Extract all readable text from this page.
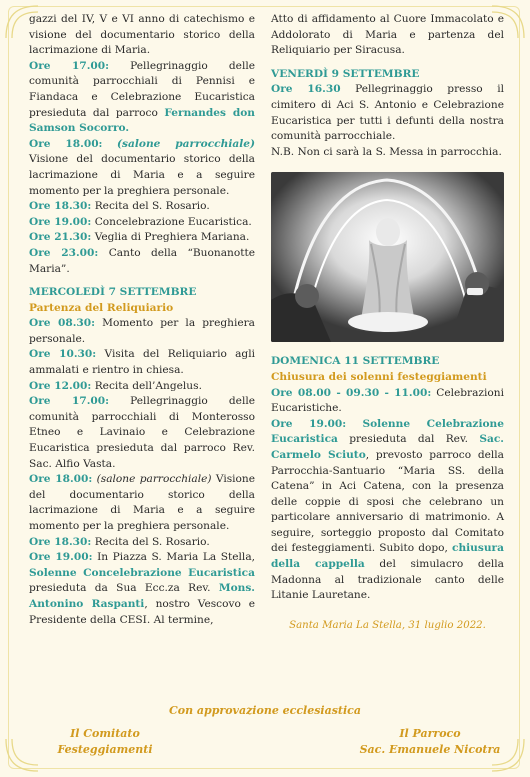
gazzi del IV, V e VI anno di catechismo e visione del documentario storico della lacrimazione di Maria.

Ore 17.00: Pellegrinaggio delle comunità parrocchiali di Pennisi e Fiandaca e Celebrazione Eucaristica presieduta dal parroco Fernandes don Samson Socorro.

Ore 18.00: (salone parrocchiale) Visione del documentario storico della lacrimazione di Maria e a seguire momento per la preghiera personale.

Ore 18.30: Recita del S. Rosario.

Ore 19.00: Concelebrazione Eucaristica.

Ore 21.30: Veglia di Preghiera Mariana.

Ore 23.00: Canto della “Buonanotte Maria”.

MERCOLEDÌ 7 SETTEMBRE

Partenza del Reliquiario

Ore 08.30: Momento per la preghiera personale.

Ore 10.30: Visita del Reliquiario agli ammalati e rientro in chiesa.

Ore 12.00: Recita dell’Angelus.

Ore 17.00: Pellegrinaggio delle comunità parrocchiali di Monterosso Etneo e Lavinaio e Celebrazione Eucaristica presieduta dal parroco Rev. Sac. Alfio Vasta.

Ore 18.00: (salone parrocchiale) Visione del documentario storico della lacrimazione di Maria e a seguire momento per la preghiera personale.

Ore 18.30: Recita del S. Rosario.

Ore 19.00: In Piazza S. Maria La Stella, Solenne Concelebrazione Eucaristica presieduta da Sua Ecc.za Rev. Mons. Antonino Raspanti, nostro Vescovo e Presidente della CESI. Al termine,

Atto di affidamento al Cuore Immacolato e Addolorato di Maria e partenza del Reliquiario per Siracusa.

VENERDÌ 9 SETTEMBRE

Ore 16.30 Pellegrinaggio presso il cimitero di Aci S. Antonio e Celebrazione Eucaristica per tutti i defunti della nostra comunità parrocchiale.

N.B. Non ci sarà la S. Messa in parrocchia.

DOMENICA 11 SETTEMBRE

Chiusura dei solenni festeggiamenti

Ore 08.00 - 09.30 - 11.00: Celebrazioni Eucaristiche.

Ore 19.00: Solenne Celebrazione Eucaristica presieduta dal Rev. Sac. Carmelo Sciuto, prevosto parroco della Parrocchia-Santuario “Maria SS. della Catena” in Aci Catena, con la presenza delle coppie di sposi che celebrano un particolare anniversario di matrimonio. A seguire, sorteggio proposto dal Comitato dei festeggiamenti. Subito dopo, chiusura della cappella del simulacro della Madonna al tradizionale canto delle Litanie Lauretane.

Santa Maria La Stella, 31 luglio 2022.

Con approvazione ecclesiastica
Il Comitato
Festeggiamenti
Il Parroco
Sac. Emanuele Nicotra
